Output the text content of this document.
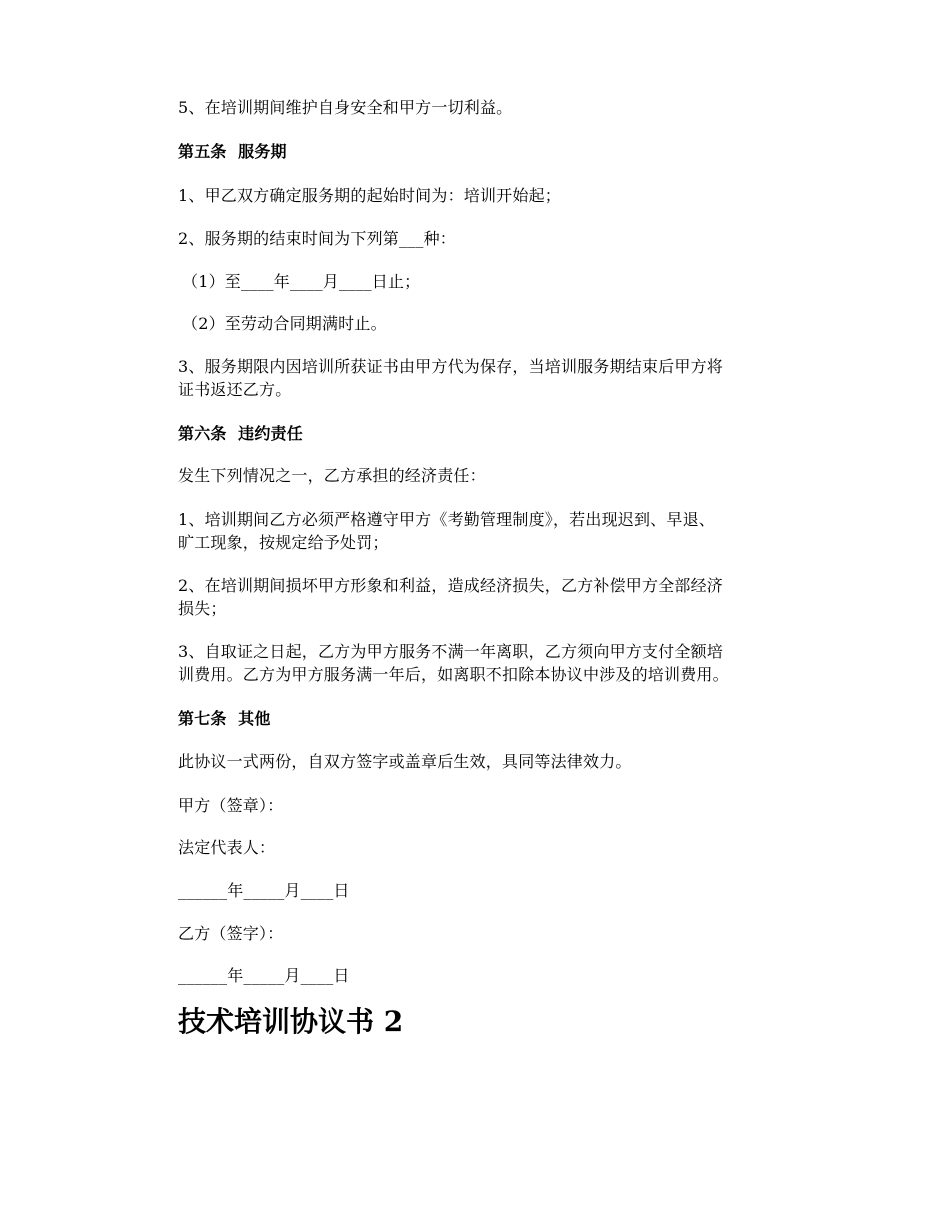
5、在培训期间维护自身安全和甲方一切利益。
第五条  服务期
1、甲乙双方确定服务期的起始时间为：培训开始起；
2、服务期的结束时间为下列第___种：
（1）至____年____月____日止；
（2）至劳动合同期满时止。
3、服务期限内因培训所获证书由甲方代为保存，当培训服务期结束后甲方将
证书返还乙方。
第六条  违约责任
发生下列情况之一，乙方承担的经济责任：
1、培训期间乙方必须严格遵守甲方《考勤管理制度》，若出现迟到、早退、
旷工现象，按规定给予处罚；
2、在培训期间损坏甲方形象和利益，造成经济损失，乙方补偿甲方全部经济
损失；
3、自取证之日起，乙方为甲方服务不满一年离职，乙方须向甲方支付全额培
训费用。乙方为甲方服务满一年后，如离职不扣除本协议中涉及的培训费用。
第七条  其他
此协议一式两份，自双方签字或盖章后生效，具同等法律效力。
甲方（签章）：
法定代表人：
______年_____月____日
乙方（签字）：
______年_____月____日
技术培训协议书 2
